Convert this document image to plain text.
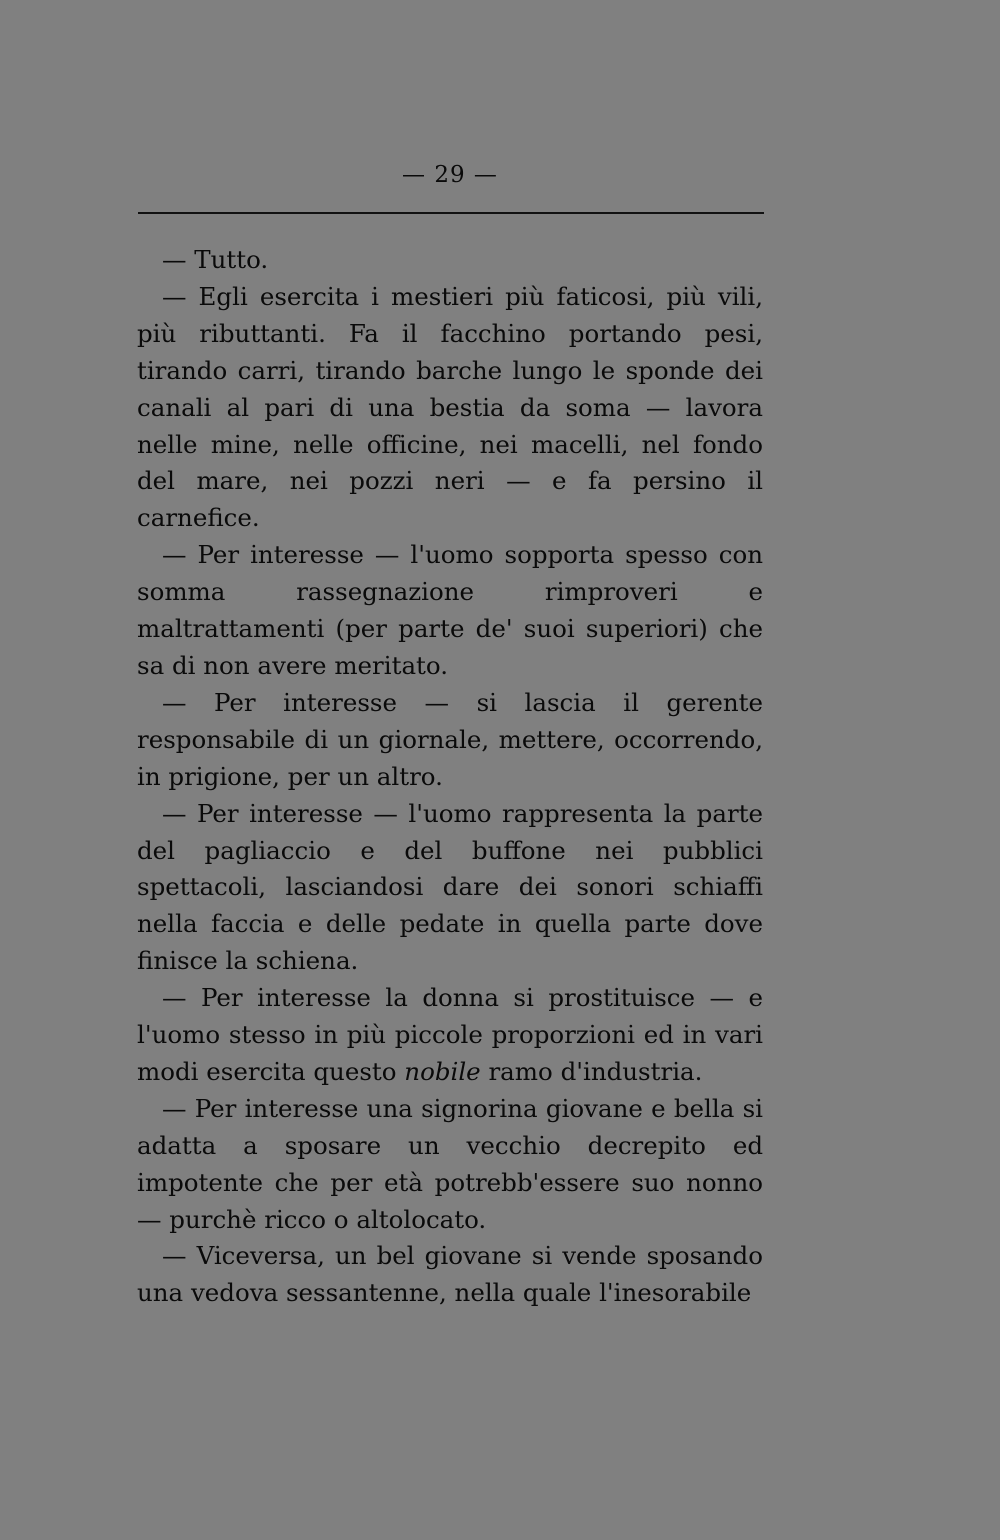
— 29 —

— Tutto.

— Egli esercita i mestieri più faticosi, più vili, più ributtanti. Fa il facchino portando pesi, tirando carri, tirando barche lungo le sponde dei canali al pari di una bestia da soma — lavora nelle mine, nelle officine, nei macelli, nel fondo del mare, nei pozzi neri — e fa persino il carnefice.

— Per interesse — l'uomo sopporta spesso con somma rassegnazione rimproveri e maltrattamenti (per parte de' suoi superiori) che sa di non avere meritato.

— Per interesse — si lascia il gerente responsabile di un giornale, mettere, occorrendo, in prigione, per un altro.

— Per interesse — l'uomo rappresenta la parte del pagliaccio e del buffone nei pubblici spettacoli, lasciandosi dare dei sonori schiaffi nella faccia e delle pedate in quella parte dove finisce la schiena.

— Per interesse la donna si prostituisce — e l'uomo stesso in più piccole proporzioni ed in vari modi esercita questo nobile ramo d'industria.

— Per interesse una signorina giovane e bella si adatta a sposare un vecchio decrepito ed impotente che per età potrebb'essere suo nonno — purchè ricco o altolocato.

— Viceversa, un bel giovane si vende sposando una vedova sessantenne, nella quale l'inesorabile
